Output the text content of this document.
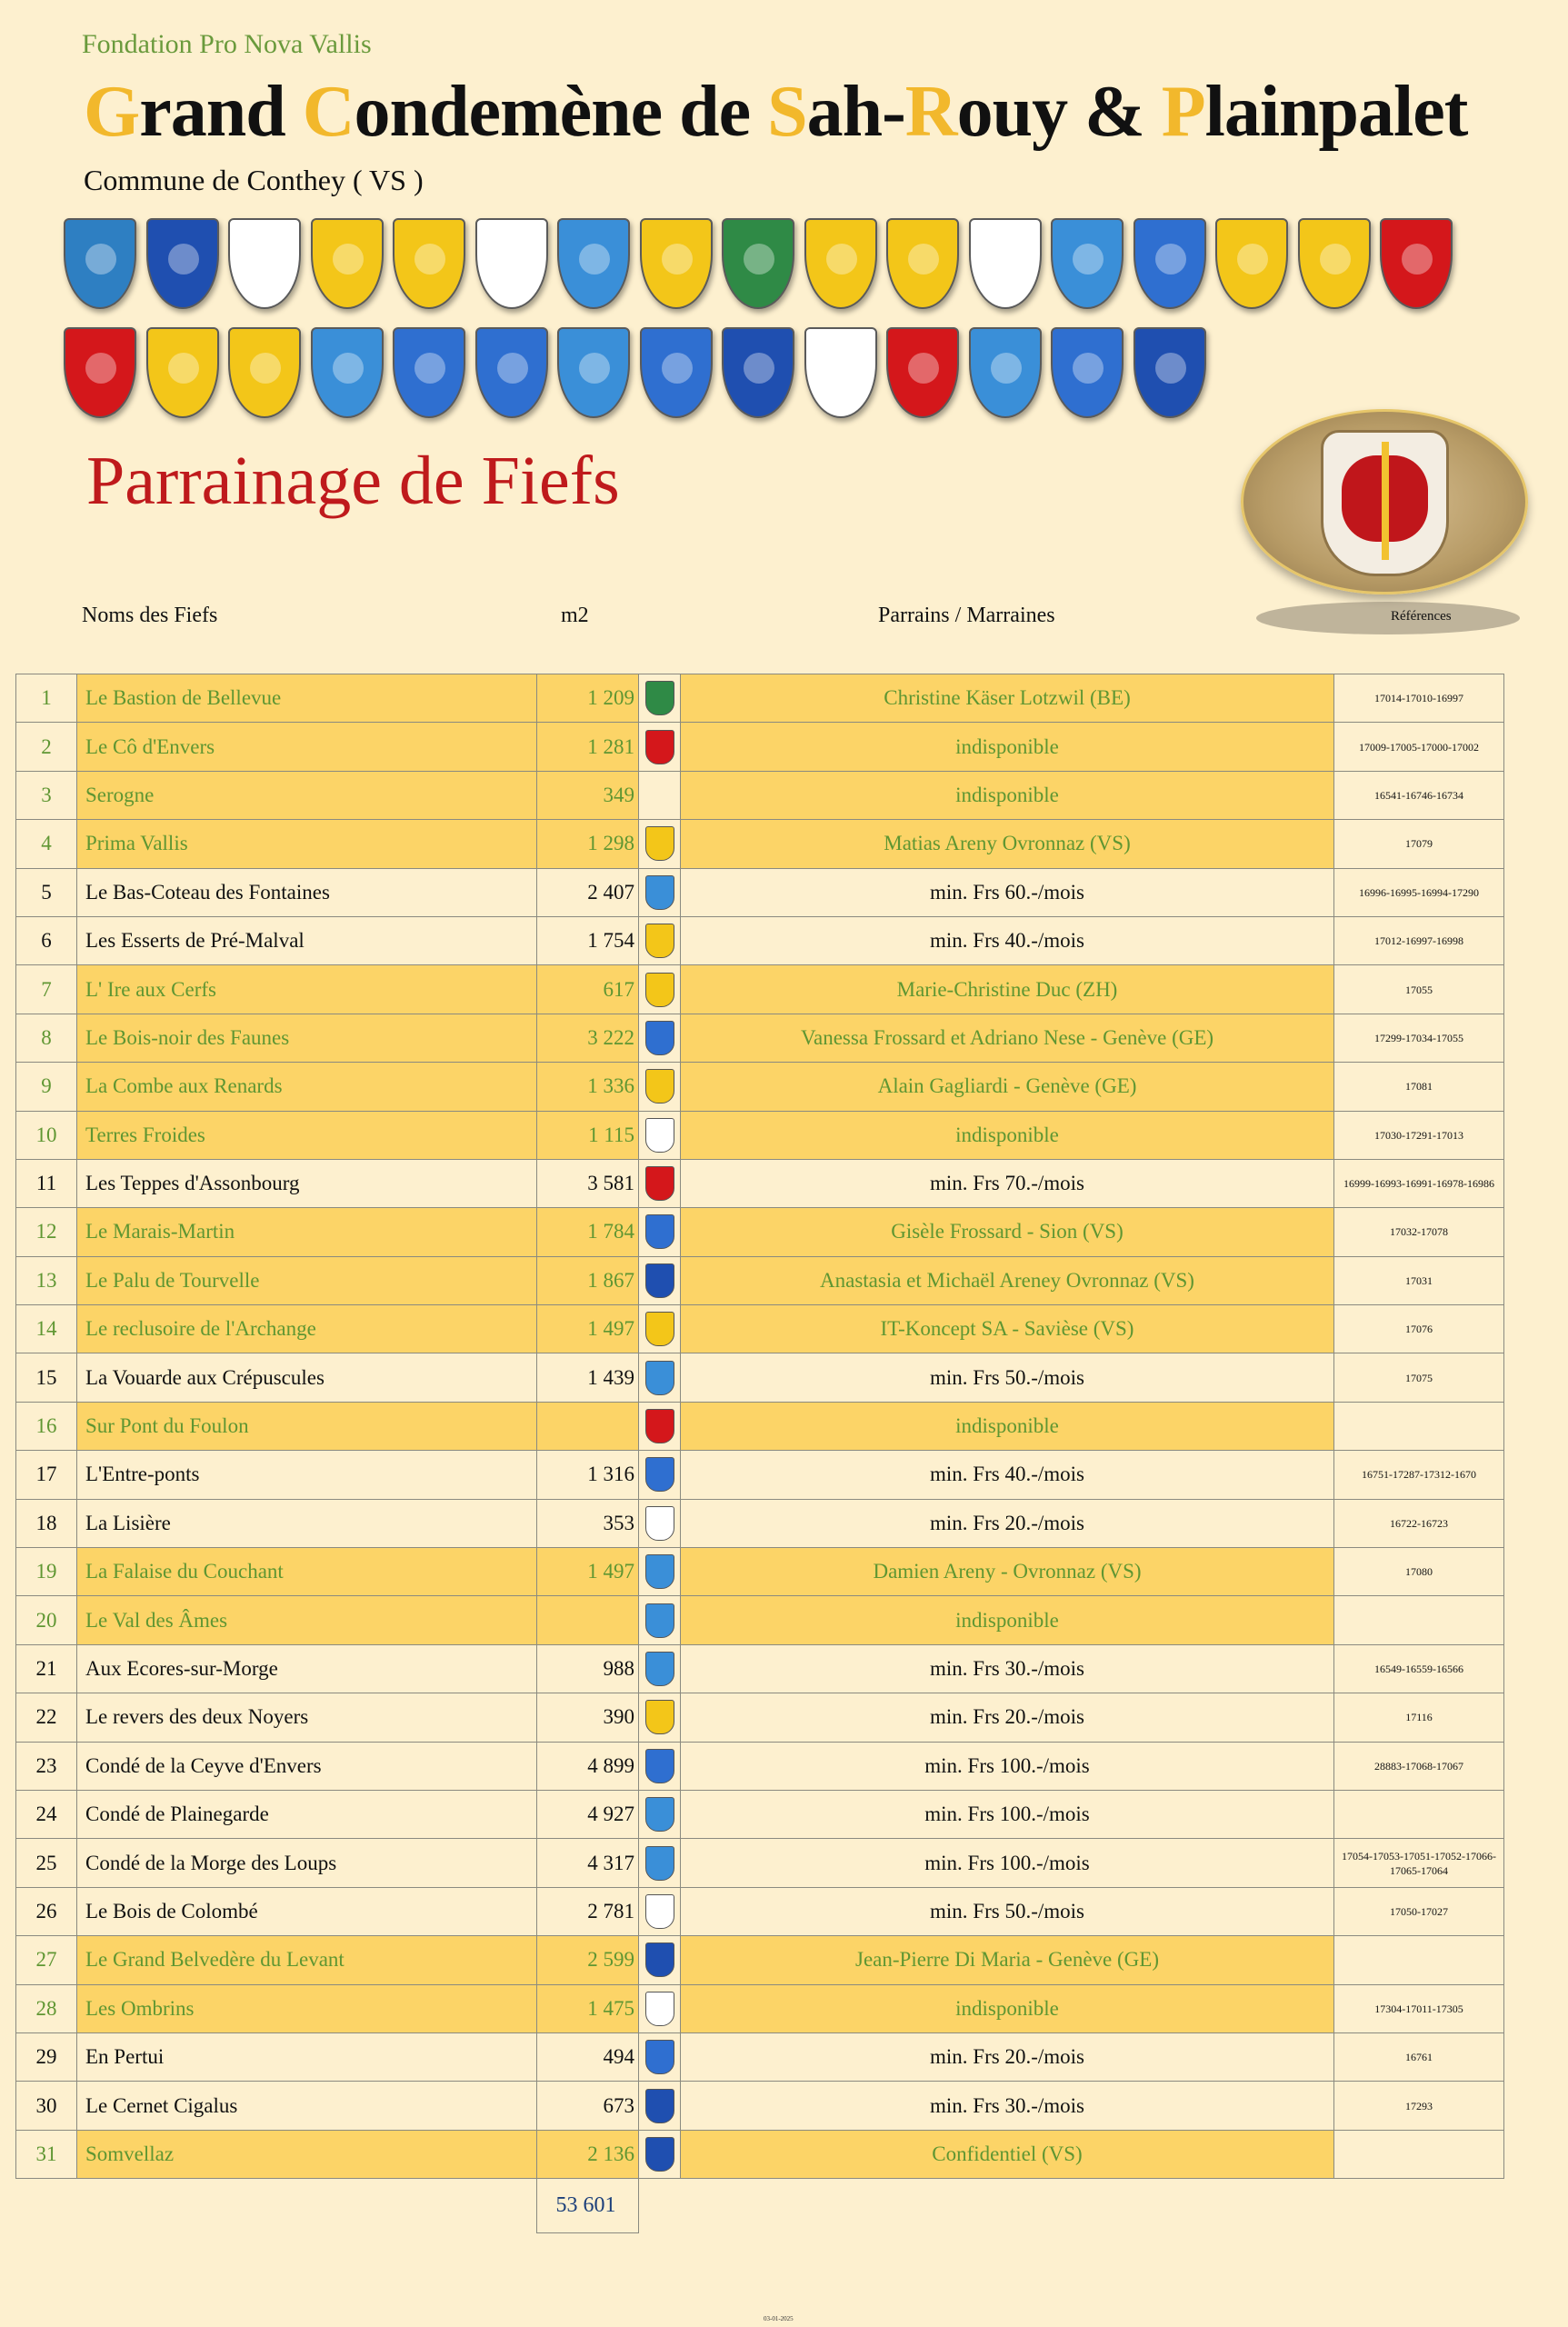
Fondation Pro Nova Vallis
Grand Condemène de Sah-Rouy & Plainpalet
Commune de Conthey ( VS )
Parrainage de Fiefs
Noms des Fiefs	m2	Parrains / Marraines	Références
1	Le Bastion de Bellevue	1 209		Christine Käser Lotzwil (BE)	17014-17010-16997
2	Le Cô d'Envers	1 281		indisponible	17009-17005-17000-17002
3	Serogne	349		indisponible	16541-16746-16734
4	Prima Vallis	1 298		Matias Areny Ovronnaz (VS)	17079
5	Le Bas-Coteau des Fontaines	2 407		min. Frs 60.-/mois	16996-16995-16994-17290
6	Les Esserts de Pré-Malval	1 754		min. Frs 40.-/mois	17012-16997-16998
7	L' Ire aux Cerfs	617		Marie-Christine Duc (ZH)	17055
8	Le Bois-noir des Faunes	3 222		Vanessa Frossard et Adriano Nese - Genève (GE)	17299-17034-17055
9	La Combe aux Renards	1 336		Alain Gagliardi - Genève (GE)	17081
10	Terres Froides	1 115		indisponible	17030-17291-17013
11	Les Teppes d'Assonbourg	3 581		min. Frs 70.-/mois	16999-16993-16991-16978-16986
12	Le Marais-Martin	1 784		Gisèle Frossard - Sion (VS)	17032-17078
13	Le Palu de Tourvelle	1 867		Anastasia et Michaël Areney Ovronnaz (VS)	17031
14	Le reclusoire de l'Archange	1 497		IT-Koncept SA - Savièse (VS)	17076
15	La Vouarde aux Crépuscules	1 439		min. Frs 50.-/mois	17075
16	Sur Pont du Foulon			indisponible	
17	L'Entre-ponts	1 316		min. Frs 40.-/mois	16751-17287-17312-1670
18	La Lisière	353		min. Frs 20.-/mois	16722-16723
19	La Falaise du Couchant	1 497		Damien Areny - Ovronnaz (VS)	17080
20	Le Val des Âmes			indisponible	
21	Aux Ecores-sur-Morge	988		min. Frs 30.-/mois	16549-16559-16566
22	Le revers des deux Noyers	390		min. Frs 20.-/mois	17116
23	Condé de la Ceyve d'Envers	4 899		min. Frs 100.-/mois	28883-17068-17067
24	Condé de Plainegarde	4 927		min. Frs 100.-/mois	
25	Condé de la Morge des Loups	4 317		min. Frs 100.-/mois	17054-17053-17051-17052-17066-17065-17064
26	Le Bois de Colombé	2 781		min. Frs 50.-/mois	17050-17027
27	Le Grand Belvedère du Levant	2 599		Jean-Pierre Di Maria - Genève (GE)	
28	Les Ombrins	1 475		indisponible	17304-17011-17305
29	En Pertui	494		min. Frs 20.-/mois	16761
30	Le Cernet Cigalus	673		min. Frs 30.-/mois	17293
31	Somvellaz	2 136		Confidentiel (VS)	
		53 601			
03-01-2025
